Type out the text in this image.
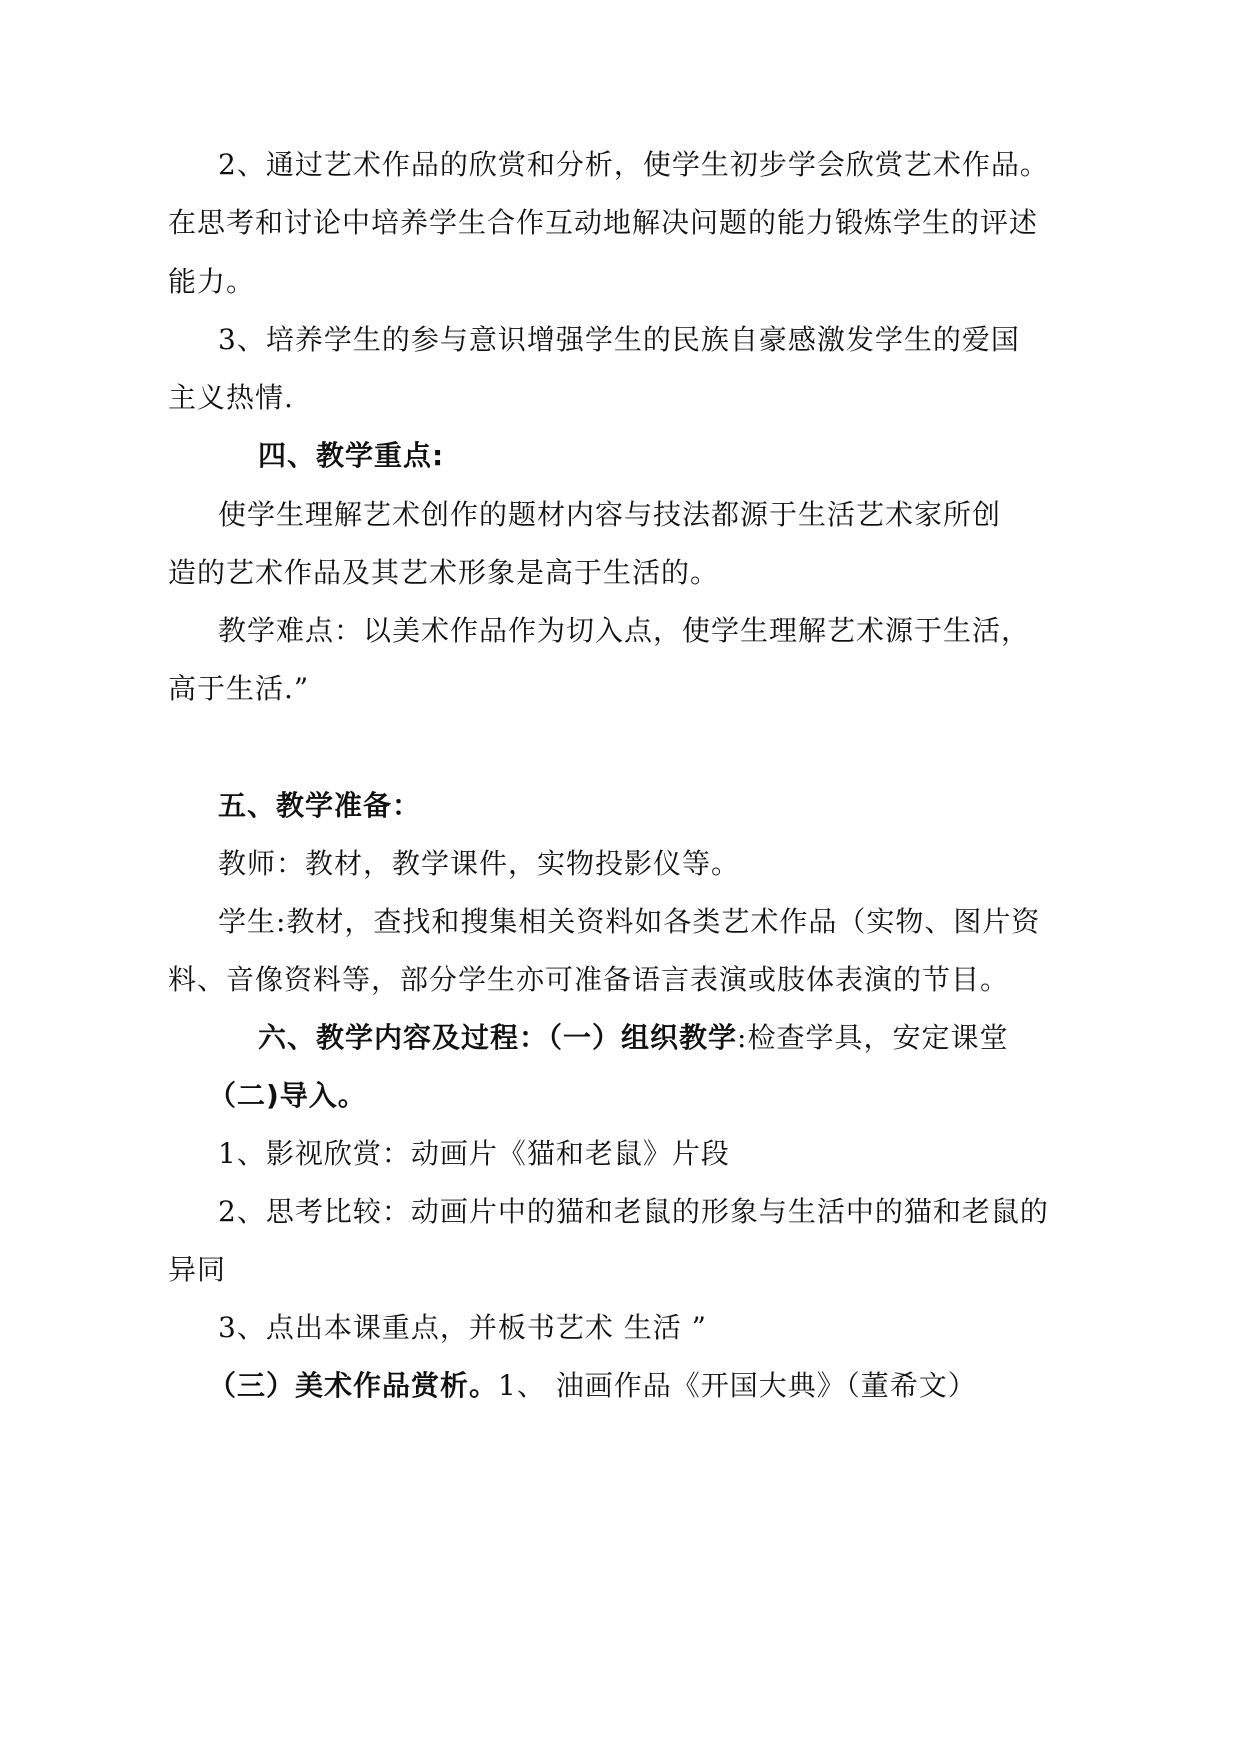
2、通过艺术作品的欣赏和分析，使学生初步学会欣赏艺术作品。
在思考和讨论中培养学生合作互动地解决问题的能力锻炼学生的评述
能力。
3、培养学生的参与意识增强学生的民族自豪感激发学生的爱国
主义热情.
四、教学重点:
使学生理解艺术创作的题材内容与技法都源于生活艺术家所创
造的艺术作品及其艺术形象是高于生活的。
教学难点：以美术作品作为切入点，使学生理解艺术源于生活，
高于生活.”
五、教学准备：
教师：教材，教学课件，实物投影仪等。
学生:教材，查找和搜集相关资料如各类艺术作品（实物、图片资
料、音像资料等，部分学生亦可准备语言表演或肢体表演的节目。
六、教学内容及过程：（一）组织教学:检查学具，安定课堂
（二)导入。
1、影视欣赏：动画片《猫和老鼠》片段
2、思考比较：动画片中的猫和老鼠的形象与生活中的猫和老鼠的
异同
3、点出本课重点，并板书艺术 生活 ”
（三）美术作品赏析。1、 油画作品《开国大典》（董希文）
